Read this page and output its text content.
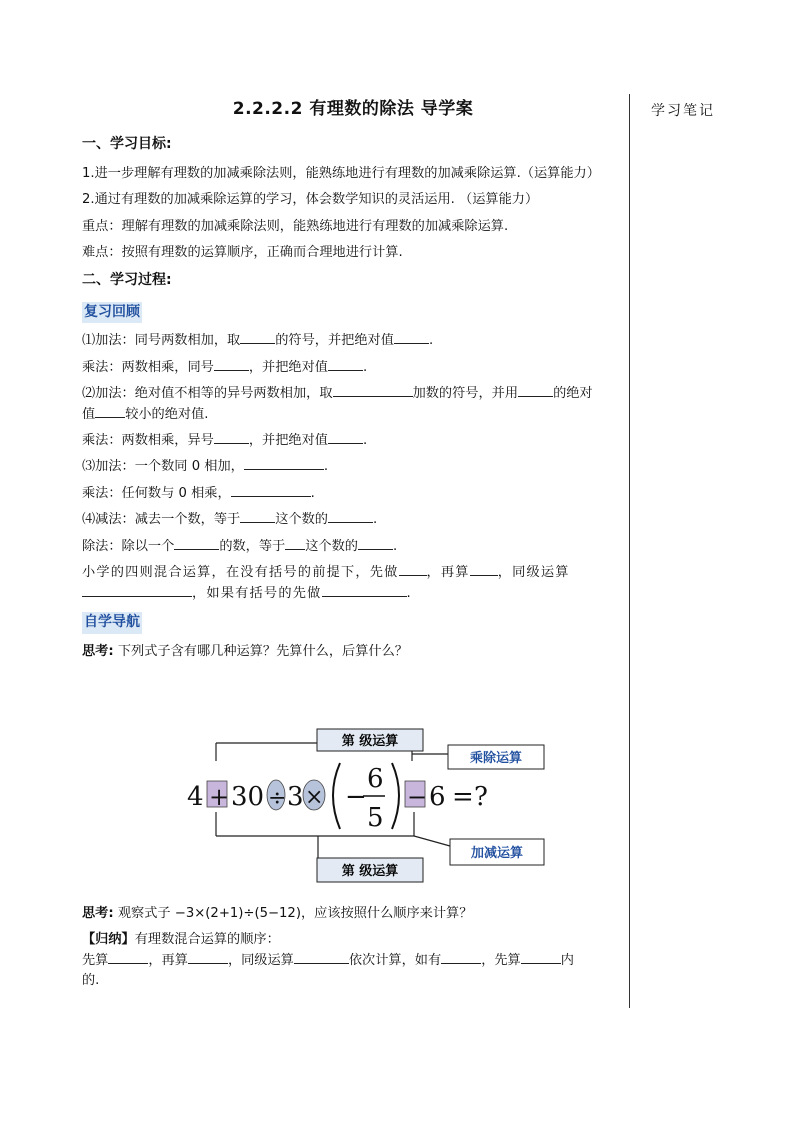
2.2.2.2 有理数的除法 导学案
一、学习目标:

1.进一步理解有理数的加减乘除法则，能熟练地进行有理数的加减乘除运算.（运算能力）

2.通过有理数的加减乘除运算的学习，体会数学知识的灵活运用. （运算能力）

重点：理解有理数的加减乘除法则，能熟练地进行有理数的加减乘除运算.

难点：按照有理数的运算顺序，正确而合理地进行计算.

二、学习过程:
复习回顾

⑴加法：同号两数相加，取	的符号，并把绝对值	.

乘法：两数相乘，同号	，并把绝对值	.

⑵加法：绝对值不相等的异号两数相加，取	加数的符号，并用	的绝对
值 较小的绝对值.

乘法：两数相乘，异号	，并把绝对值	.

⑶加法：一个数同 0 相加，	.

乘法：任何数与 0 相乘，	.

⑷减法：减去一个数，等于	这个数的	.

除法：除以一个	的数，等于 这个数的	.

小学的四则混合运算，在没有括号的前提下，先做 ，再算 ，同级运算
，如果有括号的先做	.

自学导航

思考: 下列式子含有哪几种运算？先算什么，后算什么？

第 级运算
乘除运算
4 + 30 ÷ 3 × −
6
5
− 6 = ?
加减运算
第 级运算

思考: 观察式子 −3×(2+1)÷(5−12)，应该按照什么顺序来计算？

【归纳】有理数混合运算的顺序：

先算	，再算	，同级运算	依次计算，如有	，先算	内
的.

学习笔记
